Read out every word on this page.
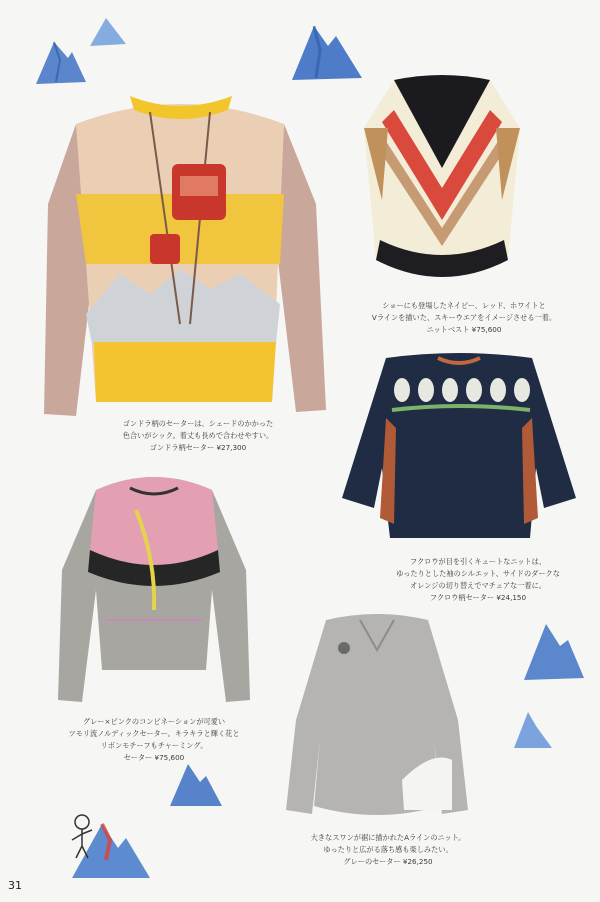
ゴンドラ柄のセーターは、シェードのかかった
色合いがシック。着丈も長めで合わせやすい。
ゴンドラ柄セーター ¥27,300
ショーにも登場したネイビー、レッド、ホワイトと
Vラインを描いた、スキーウエアをイメージさせる一着。
ニットベスト ¥75,600
フクロウが目を引くキュートなニットは、
ゆったりとした袖のシルエット、サイドのダークな
オレンジの切り替えでマチュアな一着に。
フクロウ柄セーター ¥24,150
グレー×ピンクのコンビネーションが可愛い
ツモリ流ノルディックセーター。キラキラと輝く花と
リボンモチーフもチャーミング。
セーター ¥75,600
大きなスワンが裾に描かれたAラインのニット。
ゆったりと広がる落ち感も楽しみたい。
グレーのセーター ¥26,250
31
